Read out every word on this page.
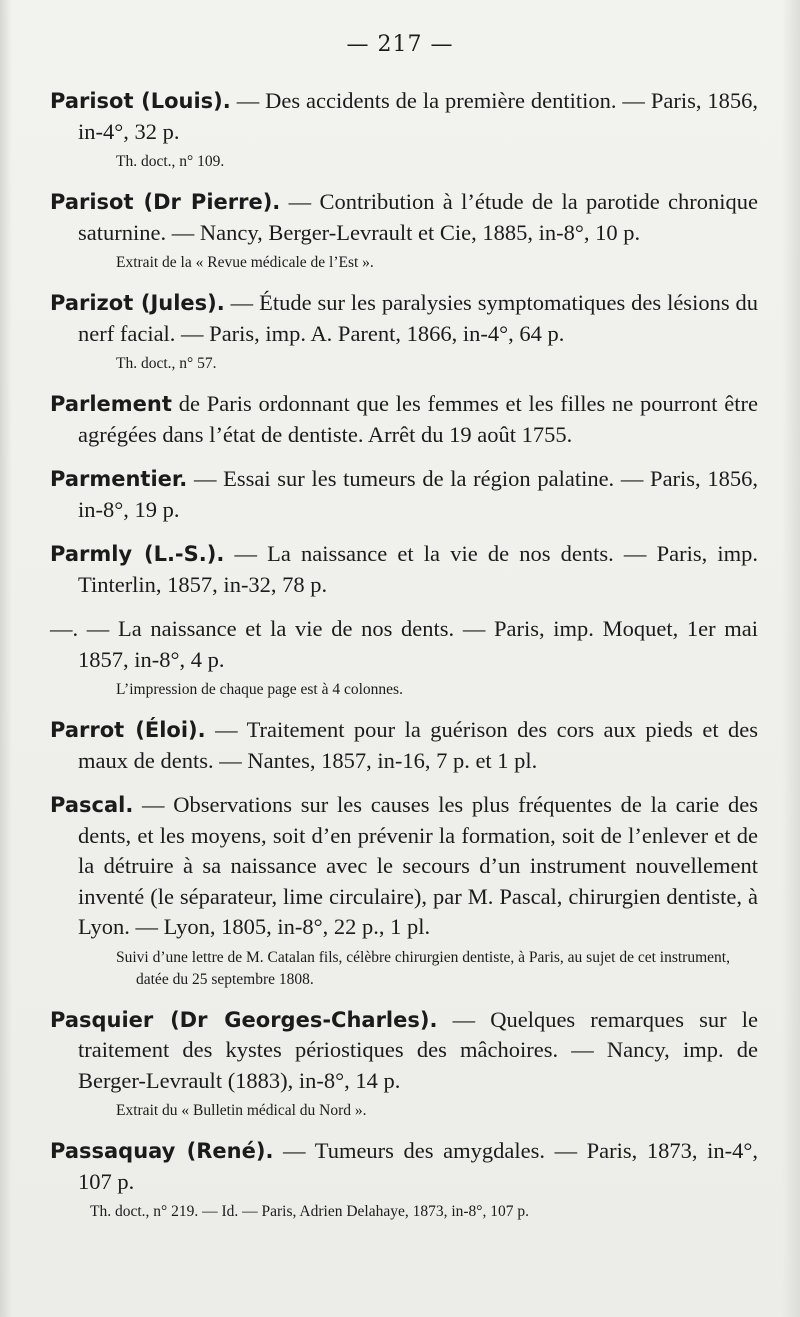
— 217 —

Parisot (Louis). — Des accidents de la première dentition. — Paris, 1856, in-4°, 32 p.

Th. doct., n° 109.

Parisot (Dr Pierre). — Contribution à l’étude de la parotide chronique saturnine. — Nancy, Berger-Levrault et Cie, 1885, in-8°, 10 p.

Extrait de la « Revue médicale de l’Est ».

Parizot (Jules). — Étude sur les paralysies symptomatiques des lésions du nerf facial. — Paris, imp. A. Parent, 1866, in-4°, 64 p.

Th. doct., n° 57.

Parlement de Paris ordonnant que les femmes et les filles ne pourront être agrégées dans l’état de dentiste. Arrêt du 19 août 1755.

Parmentier. — Essai sur les tumeurs de la région palatine. — Paris, 1856, in-8°, 19 p.

Parmly (L.-S.). — La naissance et la vie de nos dents. — Paris, imp. Tinterlin, 1857, in-32, 78 p.

—. — La naissance et la vie de nos dents. — Paris, imp. Moquet, 1er mai 1857, in-8°, 4 p.

L’impression de chaque page est à 4 colonnes.

Parrot (Éloi). — Traitement pour la guérison des cors aux pieds et des maux de dents. — Nantes, 1857, in-16, 7 p. et 1 pl.

Pascal. — Observations sur les causes les plus fréquentes de la carie des dents, et les moyens, soit d’en prévenir la formation, soit de l’enlever et de la détruire à sa naissance avec le secours d’un instrument nouvellement inventé (le séparateur, lime circulaire), par M. Pascal, chirurgien dentiste, à Lyon. — Lyon, 1805, in-8°, 22 p., 1 pl.

Suivi d’une lettre de M. Catalan fils, célèbre chirurgien dentiste, à Paris, au sujet de cet instrument, datée du 25 septembre 1808.

Pasquier (Dr Georges-Charles). — Quelques remarques sur le traitement des kystes périostiques des mâchoires. — Nancy, imp. de Berger-Levrault (1883), in-8°, 14 p.

Extrait du « Bulletin médical du Nord ».

Passaquay (René). — Tumeurs des amygdales. — Paris, 1873, in-4°, 107 p.

Th. doct., n° 219. — Id. — Paris, Adrien Delahaye, 1873, in-8°, 107 p.
